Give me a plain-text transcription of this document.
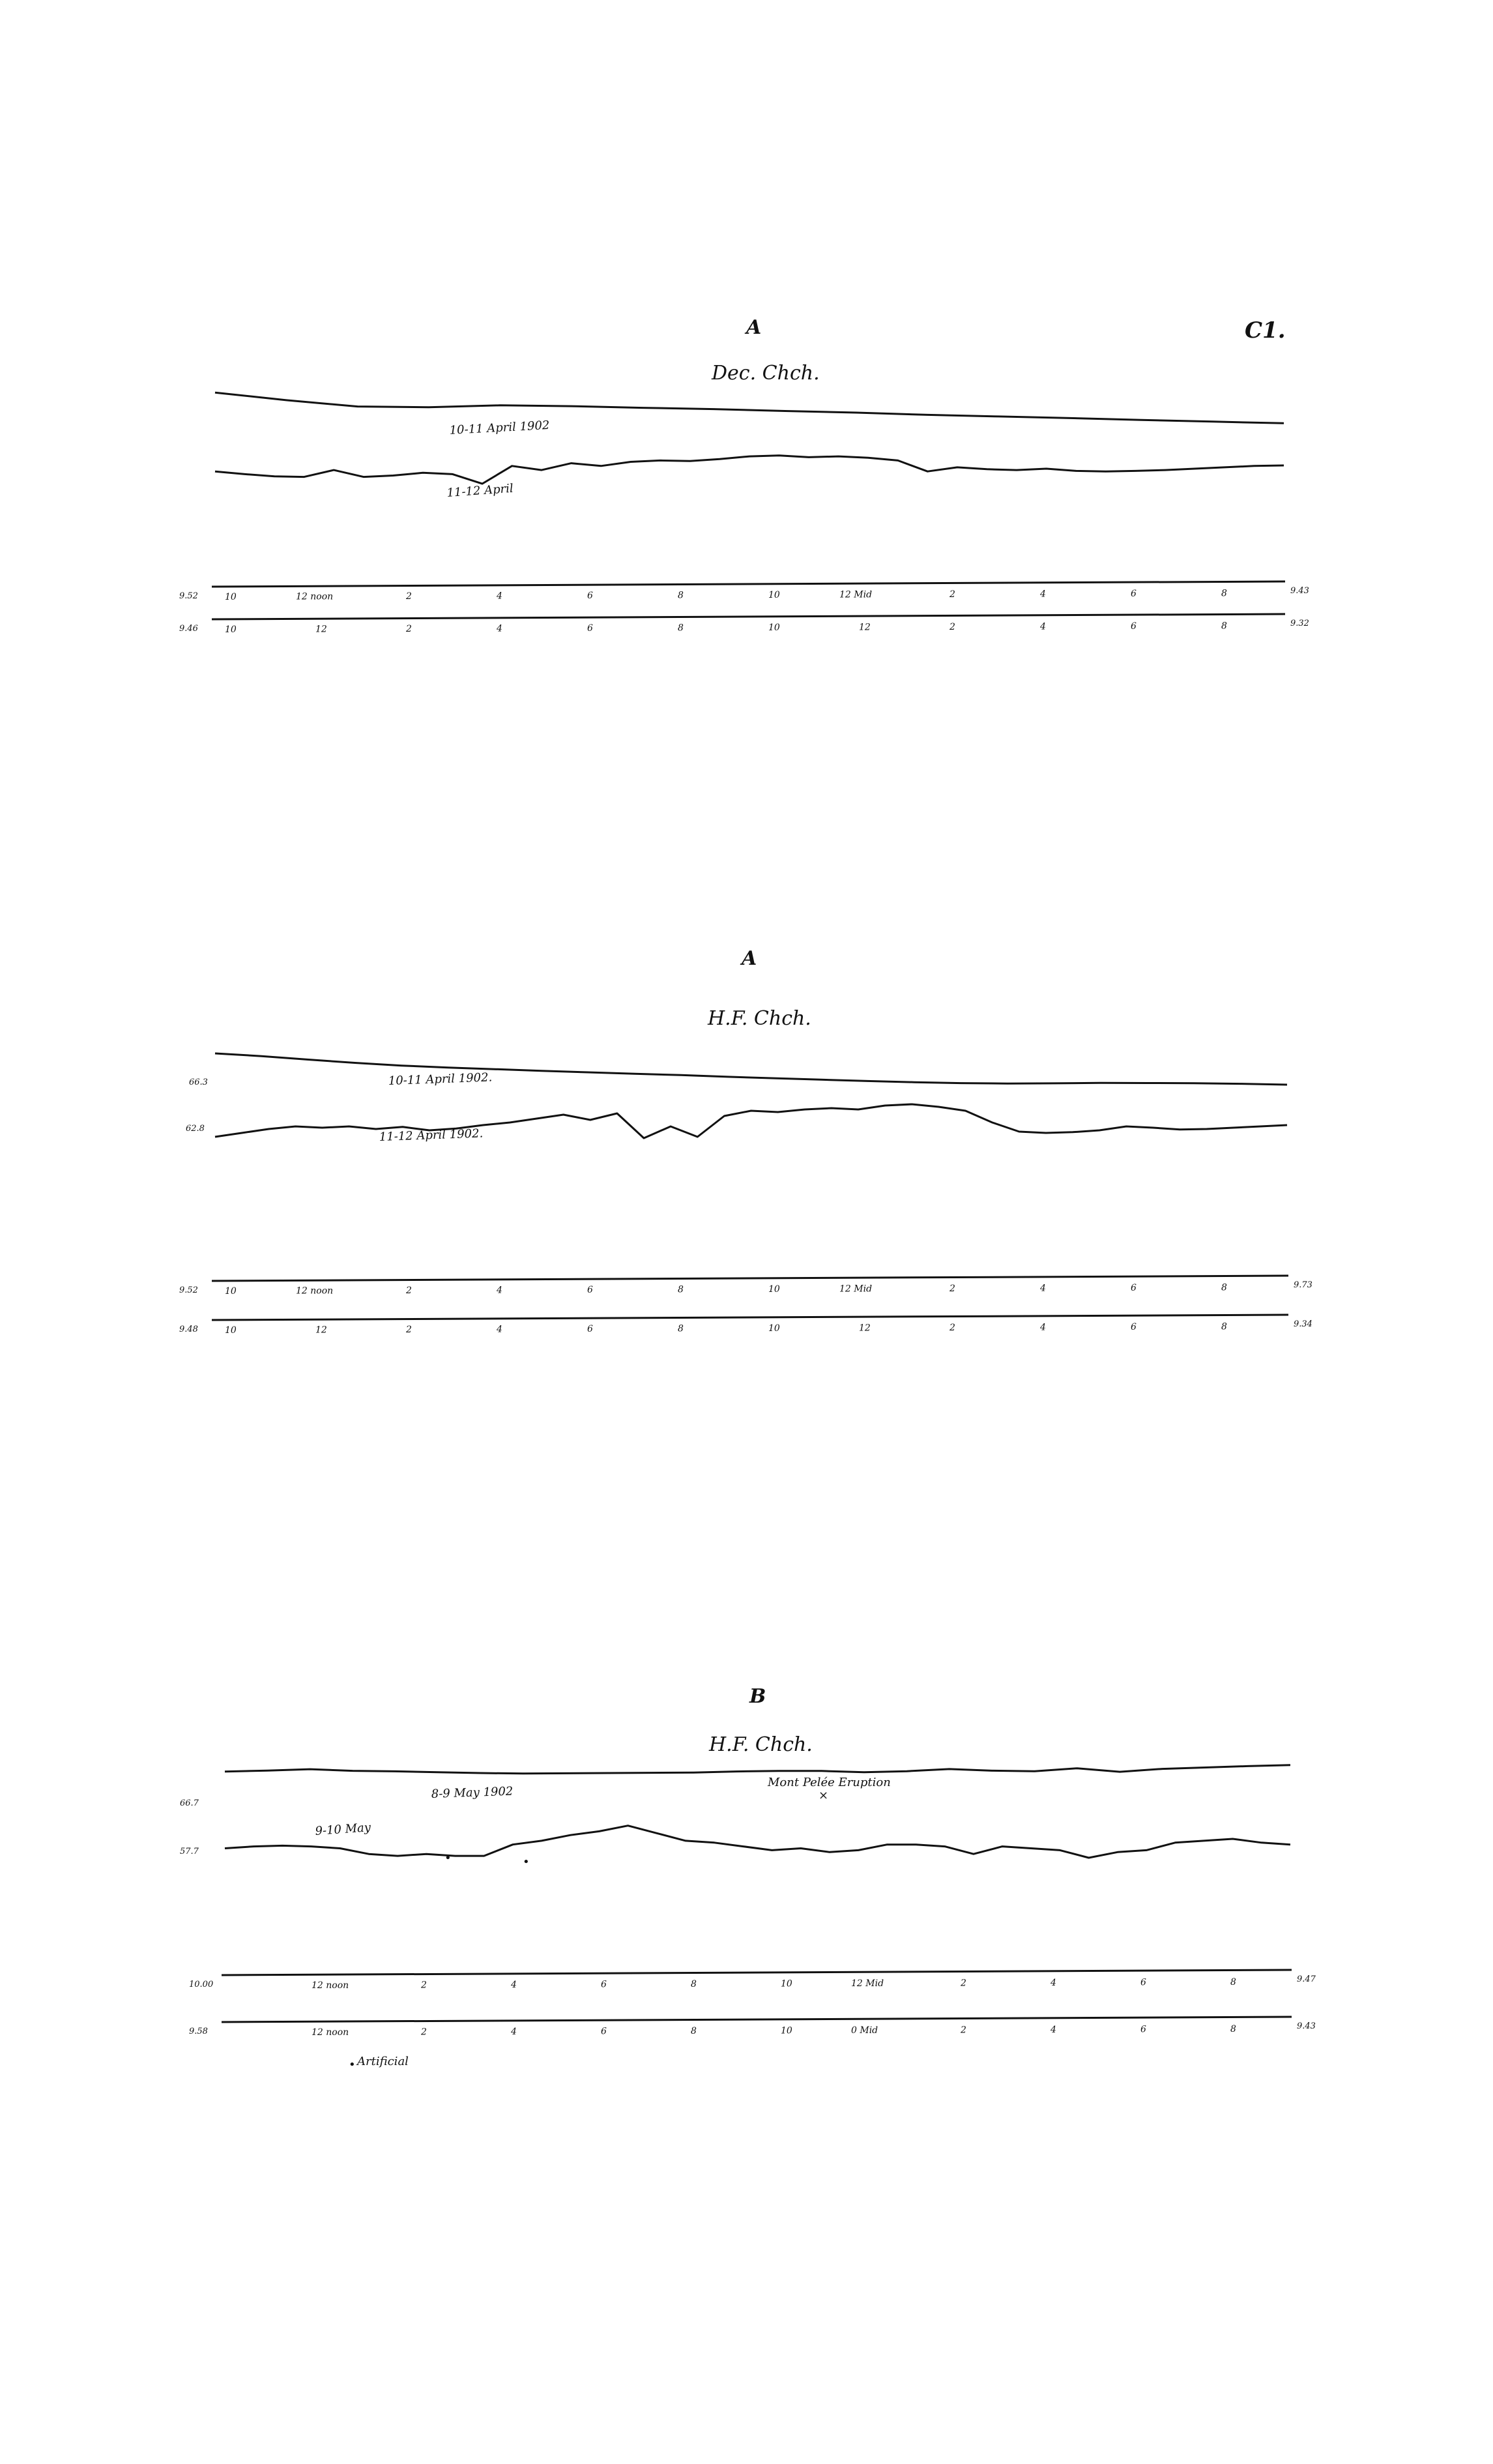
C1.
A
Dec. Chch.
10-11 April 1902
11-12 April
9.52
9.43
10	12 noon	2	4	6	8	10	12 Mid	2	4	6	8
9.46
9.32
10	12	2	4	6	8	10	12	2	4	6	8
A
H.F. Chch.
66.3
62.8
10-11 April 1902.
11-12 April 1902.
9.52
9.73
10	12 noon	2	4	6	8	10	12 Mid	2	4	6	8
9.48
9.34
10	12	2	4	6	8	10	12	2	4	6	8
B
H.F. Chch.
66.7
57.7
8-9 May 1902
9-10 May
Mont Pelée Eruption
×
•	•
• Artificial
10.00
9.47
12 noon	2	4	6	8	10	12 Mid	2	4	6	8
9.58
9.43
12 noon	2	4	6	8	10	0 Mid	2	4	6	8
